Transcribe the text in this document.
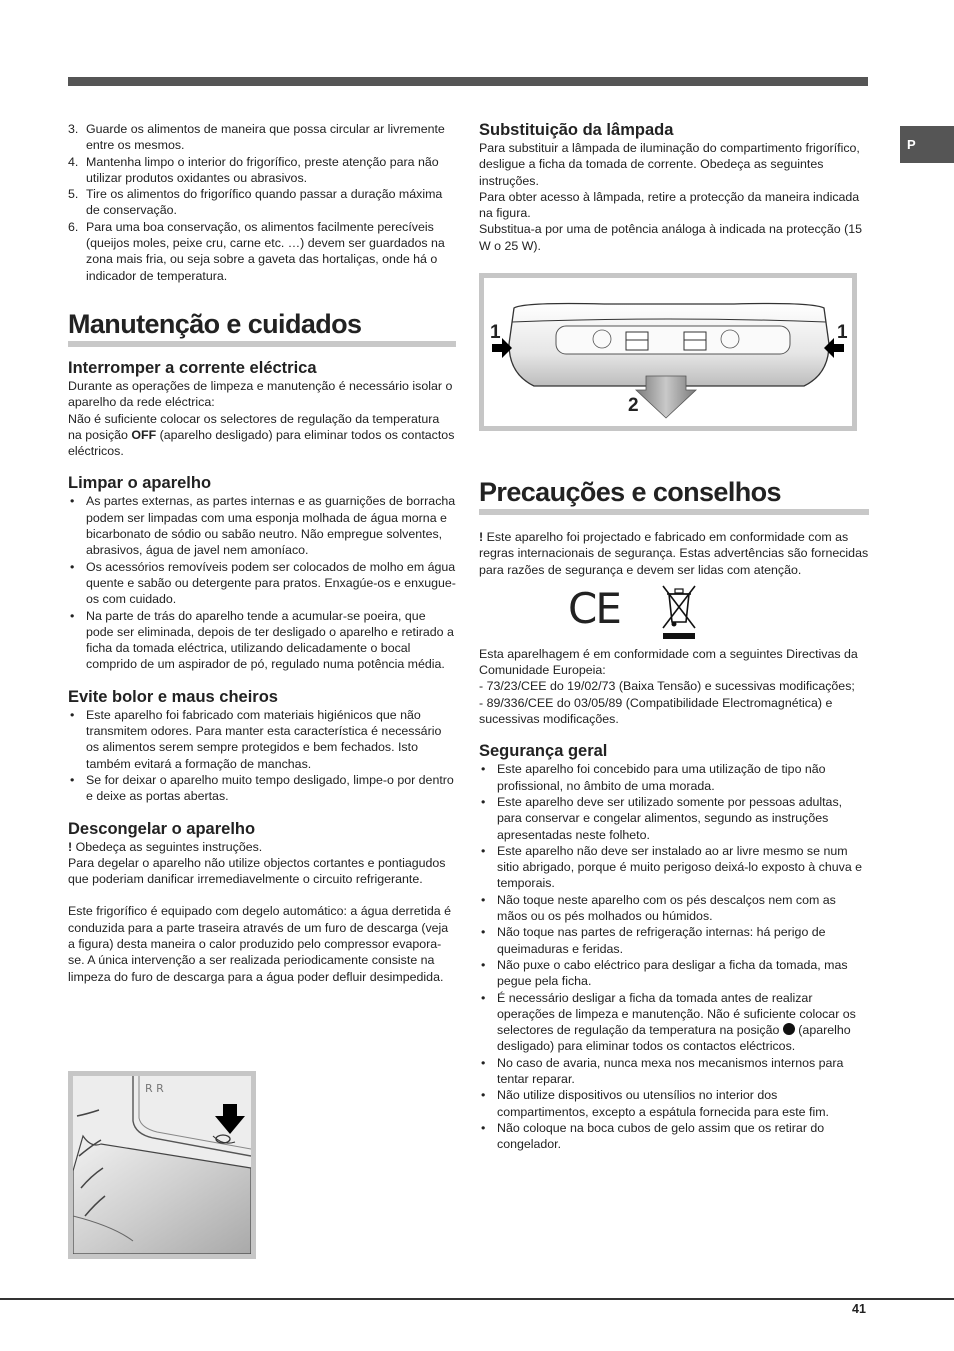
P
3. Guarde os alimentos de maneira que possa circular ar livremente entre os mesmos.
4. Mantenha limpo o interior do frigorífico, preste atenção para não utilizar produtos oxidantes ou abrasivos.
5. Tire os alimentos do frigorífico quando passar a duração máxima de conservação.
6. Para uma boa conservação, os alimentos facilmente perecíveis (queijos moles, peixe cru, carne etc. …) devem ser guardados na zona mais fria, ou seja sobre a gaveta das hortaliças, onde há o indicador de temperatura.
Manutenção e cuidados
Interromper a corrente eléctrica

Durante as operações de limpeza e manutenção é necessário isolar o aparelho da rede eléctrica:

Não é suficiente colocar os selectores de regulação da temperatura na posição OFF (aparelho desligado) para eliminar todos os contactos eléctricos.

Limpar o aparelho
• As partes externas, as partes internas e as guarnições de borracha podem ser limpadas com uma esponja molhada de água morna e bicarbonato de sódio ou sabão neutro. Não empregue solventes, abrasivos, água de javel nem amoníaco.
• Os acessórios removíveis podem ser colocados de molho em água quente e sabão ou detergente para pratos. Enxagúe-os e enxugue-os com cuidado.
• Na parte de trás do aparelho tende a acumular-se poeira, que pode ser eliminada, depois de ter desligado o aparelho e retirado a ficha da tomada eléctrica, utilizando delicadamente o bocal comprido de um aspirador de pó, regulado numa potência média.
Evite bolor e maus cheiros
• Este aparelho foi fabricado com materiais higiénicos que não transmitem odores. Para manter esta característica é necessário os alimentos serem sempre protegidos e bem fechados. Isto também evitará a formação de manchas.
• Se for deixar o aparelho muito tempo desligado, limpe-o por dentro e deixe as portas abertas.
Descongelar o aparelho

! Obedeça as seguintes instruções.

Para degelar o aparelho não utilize objectos cortantes e pontiagudos que poderiam danificar irremediavelmente o circuito refrigerante.

Este frigorífico é equipado com degelo automático: a água derretida é conduzida para a parte traseira através de um furo de descarga (veja a figura) desta maneira o calor produzido pelo compressor evapora-se. A única intervenção a ser realizada periodicamente consiste na limpeza do furo de descarga para a água poder defluir desimpedida.

R R
Substituição da lâmpada

Para substituir a lâmpada de iluminação do compartimento frigorífico, desligue a ficha da tomada de corrente. Obedeça as seguintes instruções.

Para obter acesso à lâmpada, retire a protecção da maneira indicada na figura.

Substitua-a por uma de potência análoga à indicada na protecção (15 W o 25 W).

1	1
2
Precauções e conselhos

! Este aparelho foi projectado e fabricado em conformidade com as regras internacionais de segurança. Estas advertências são fornecidas para razões de segurança e devem ser lidas com atenção.

CE

Esta aparelhagem é em conformidade com a seguintes Directivas da Comunidade Europeia:

- 73/23/CEE do 19/02/73 (Baixa Tensão) e sucessivas modificações;

- 89/336/CEE do 03/05/89 (Compatibilidade Electromagnética) e sucessivas modificações.

Segurança geral
• Este aparelho foi concebido para uma utilização de tipo não profissional, no âmbito de uma morada.
• Este aparelho deve ser utilizado somente por pessoas adultas, para conservar e congelar alimentos, segundo as instruções apresentadas neste folheto.
• Este aparelho não deve ser instalado ao ar livre mesmo se num sitio abrigado, porque é muito perigoso deixá-lo exposto à chuva e temporais.
• Não toque neste aparelho com os pés descalços nem com as mãos ou os pés molhados ou húmidos.
• Não toque nas partes de refrigeração internas: há perigo de queimaduras e feridas.
• Não puxe o cabo eléctrico para desligar a ficha da tomada, mas pegue pela ficha.
• É necessário desligar a ficha da tomada antes de realizar operações de limpeza e manutenção. Não é suficiente colocar os selectores de regulação da temperatura na posição  (aparelho desligado) para eliminar todos os contactos eléctricos.
• No caso de avaria, nunca mexa nos mecanismos internos para tentar reparar.
• Não utilize dispositivos ou utensílios no interior dos compartimentos, excepto a espátula fornecida para este fim.
• Não coloque na boca cubos de gelo assim que os retirar do congelador.
41
